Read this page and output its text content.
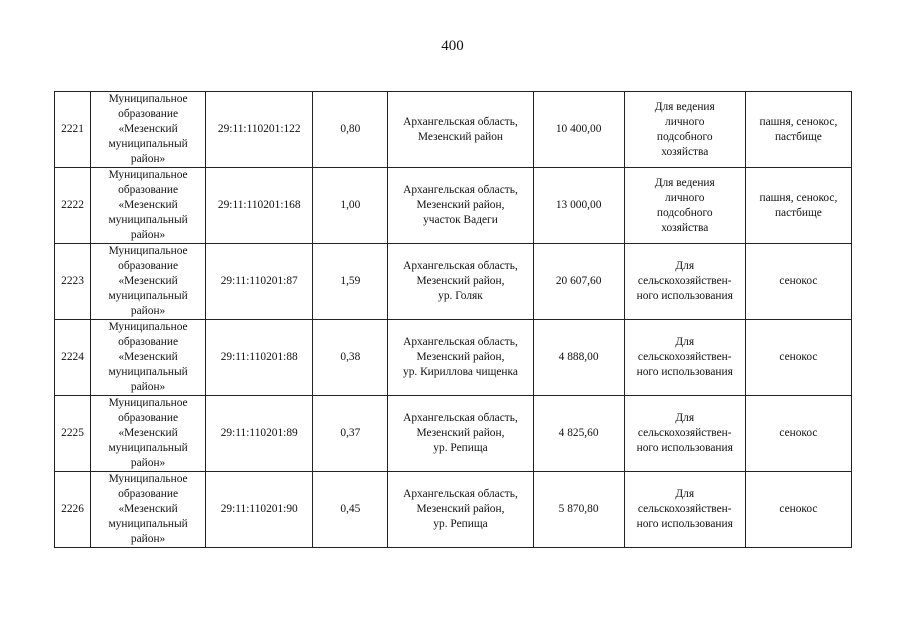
400
2221	Муниципальное
образование
«Мезенский
муниципальный
район»	29:11:110201:122	0,80	Архангельская область,
Мезенский район	10 400,00	Для ведения
личного
подсобного
хозяйства	пашня, сенокос,
пастбище
2222	Муниципальное
образование
«Мезенский
муниципальный
район»	29:11:110201:168	1,00	Архангельская область,
Мезенский район,
участок Вадеги	13 000,00	Для ведения
личного
подсобного
хозяйства	пашня, сенокос,
пастбище
2223	Муниципальное
образование
«Мезенский
муниципальный
район»	29:11:110201:87	1,59	Архангельская область,
Мезенский район,
ур. Голяк	20 607,60	Для
сельскохозяйствен-
ного использования	сенокос
2224	Муниципальное
образование
«Мезенский
муниципальный
район»	29:11:110201:88	0,38	Архангельская область,
Мезенский район,
ур. Кириллова чищенка	4 888,00	Для
сельскохозяйствен-
ного использования	сенокос
2225	Муниципальное
образование
«Мезенский
муниципальный
район»	29:11:110201:89	0,37	Архангельская область,
Мезенский район,
ур. Репища	4 825,60	Для
сельскохозяйствен-
ного использования	сенокос
2226	Муниципальное
образование
«Мезенский
муниципальный
район»	29:11:110201:90	0,45	Архангельская область,
Мезенский район,
ур. Репища	5 870,80	Для
сельскохозяйствен-
ного использования	сенокос
